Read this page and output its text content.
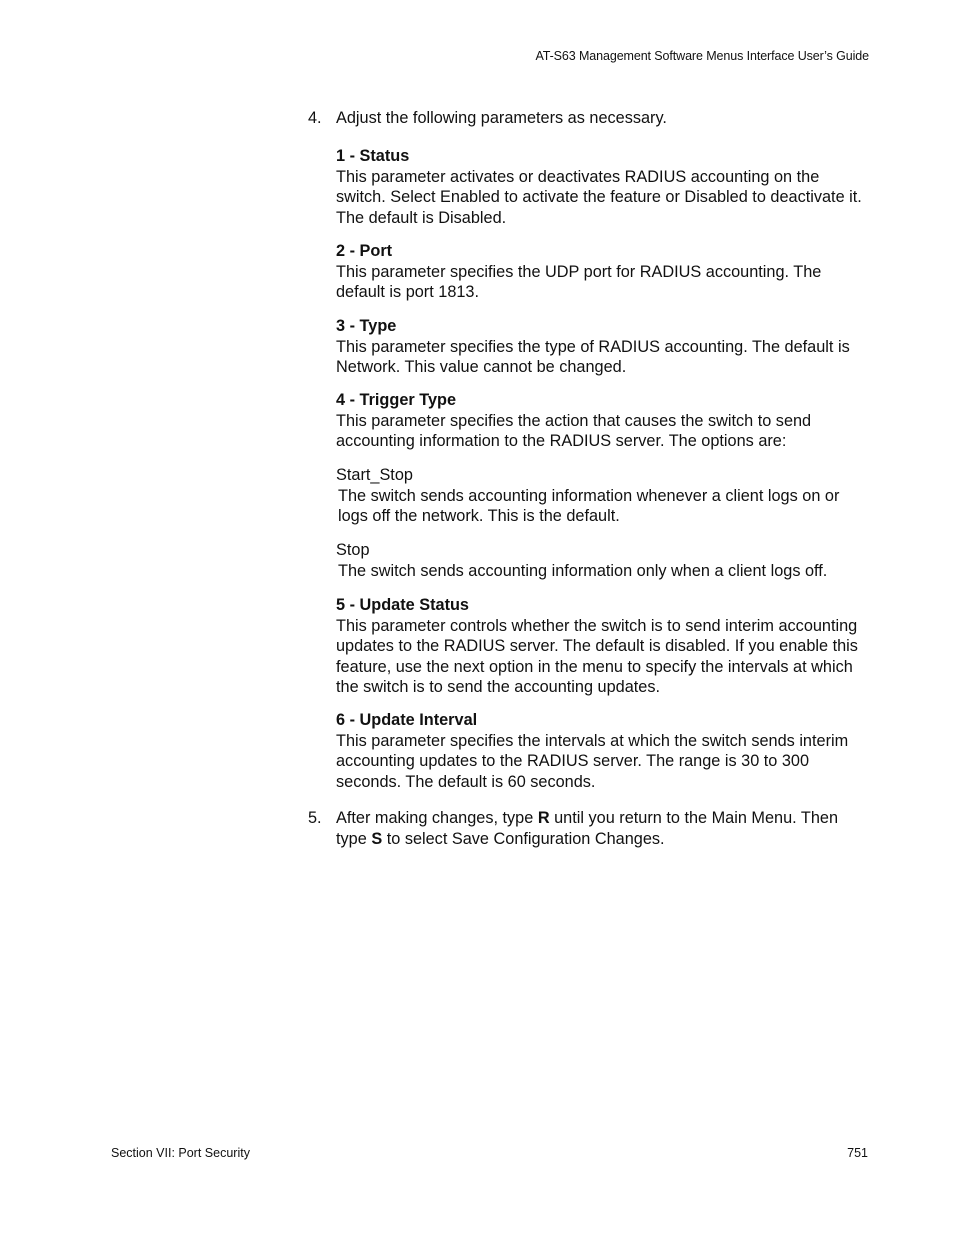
AT-S63 Management Software Menus Interface User’s Guide
4. Adjust the following parameters as necessary.
1 - Status
This parameter activates or deactivates RADIUS accounting on the switch. Select Enabled to activate the feature or Disabled to deactivate it. The default is Disabled.
2 - Port
This parameter specifies the UDP port for RADIUS accounting. The default is port 1813.
3 - Type
This parameter specifies the type of RADIUS accounting. The default is Network. This value cannot be changed.
4 - Trigger Type
This parameter specifies the action that causes the switch to send accounting information to the RADIUS server. The options are:
Start_Stop
The switch sends accounting information whenever a client logs on or logs off the network. This is the default.
Stop
The switch sends accounting information only when a client logs off.
5 - Update Status
This parameter controls whether the switch is to send interim accounting updates to the RADIUS server. The default is disabled. If you enable this feature, use the next option in the menu to specify the intervals at which the switch is to send the accounting updates.
6 - Update Interval
This parameter specifies the intervals at which the switch sends interim accounting updates to the RADIUS server. The range is 30 to 300 seconds. The default is 60 seconds.
5. After making changes, type R until you return to the Main Menu. Then type S to select Save Configuration Changes.
Section VII: Port Security	751
